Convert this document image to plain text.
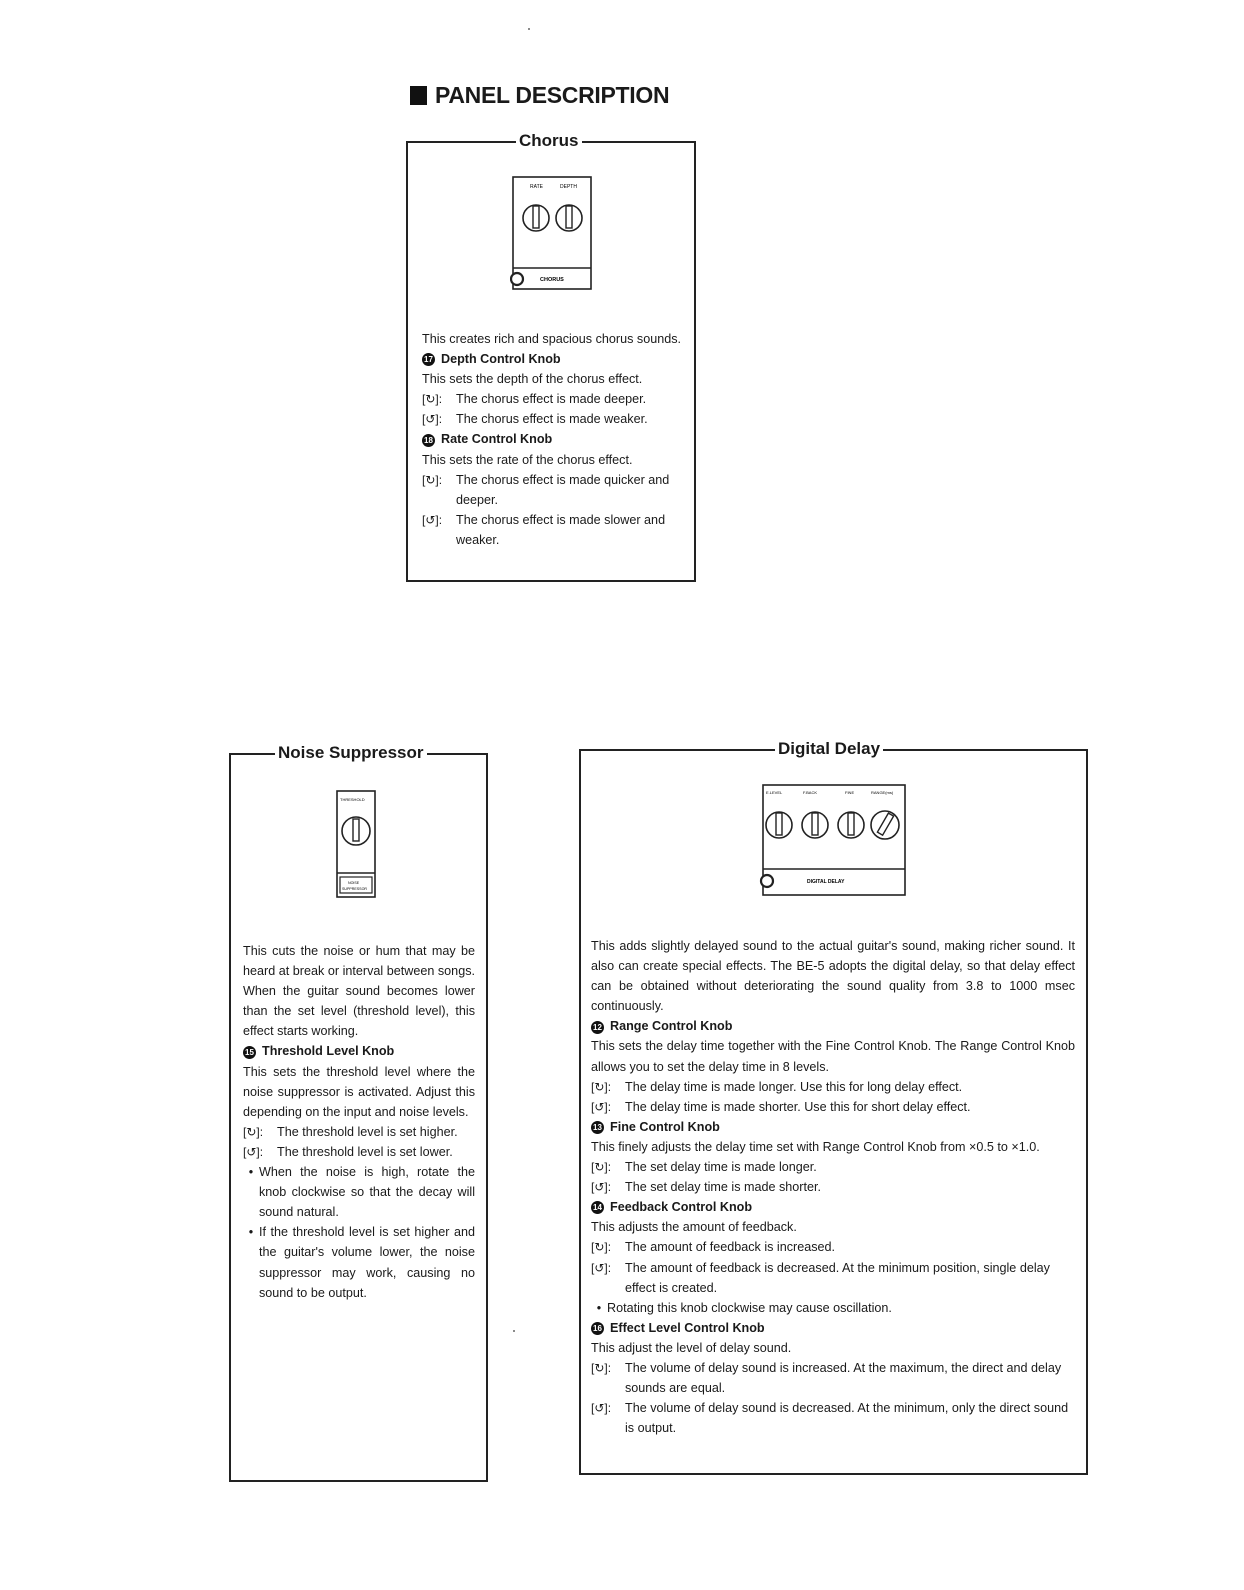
PANEL DESCRIPTION
Chorus
RATE	DEPTH
CHORUS

This creates rich and spacious chorus sounds.

17 Depth Control Knob

This sets the depth of the chorus effect.

[↻]:	The chorus effect is made deeper.
[↺]:	The chorus effect is made weaker.

18 Rate Control Knob

This sets the rate of the chorus effect.

[↻]:	The chorus effect is made quicker and deeper.
[↺]:	The chorus effect is made slower and weaker.
Noise Suppressor
THRESHOLD
NOISE
SUPPRESSOR

This cuts the noise or hum that may be heard at break or interval between songs. When the guitar sound becomes lower than the set level (threshold level), this effect starts working.

15 Threshold Level Knob

This sets the threshold level where the noise suppressor is activated. Adjust this depending on the input and noise levels.

[↻]:	The threshold level is set higher.
[↺]:	The threshold level is set lower.
• When the noise is high, rotate the knob clockwise so that the decay will sound natural.
• If the threshold level is set higher and the guitar's volume lower, the noise suppressor may work, causing no sound to be output.
Digital Delay
E.LEVEL	F.BACK	FINE	RANGE(ms)
DIGITAL DELAY

This adds slightly delayed sound to the actual guitar's sound, making richer sound. It also can create special effects. The BE-5 adopts the digital delay, so that delay effect can be obtained without deteriorating the sound quality from 3.8 to 1000 msec continuously.

12 Range Control Knob

This sets the delay time together with the Fine Control Knob. The Range Control Knob allows you to set the delay time in 8 levels.

[↻]:	The delay time is made longer. Use this for long delay effect.
[↺]:	The delay time is made shorter. Use this for short delay effect.

13 Fine Control Knob

This finely adjusts the delay time set with Range Control Knob from ×0.5 to ×1.0.

[↻]:	The set delay time is made longer.
[↺]:	The set delay time is made shorter.

14 Feedback Control Knob

This adjusts the amount of feedback.

[↻]:	The amount of feedback is increased.
[↺]:	The amount of feedback is decreased. At the minimum position, single delay effect is created.
• Rotating this knob clockwise may cause oscillation.

16 Effect Level Control Knob

This adjust the level of delay sound.

[↻]:	The volume of delay sound is increased. At the maximum, the direct and delay sounds are equal.
[↺]:	The volume of delay sound is decreased. At the minimum, only the direct sound is output.
